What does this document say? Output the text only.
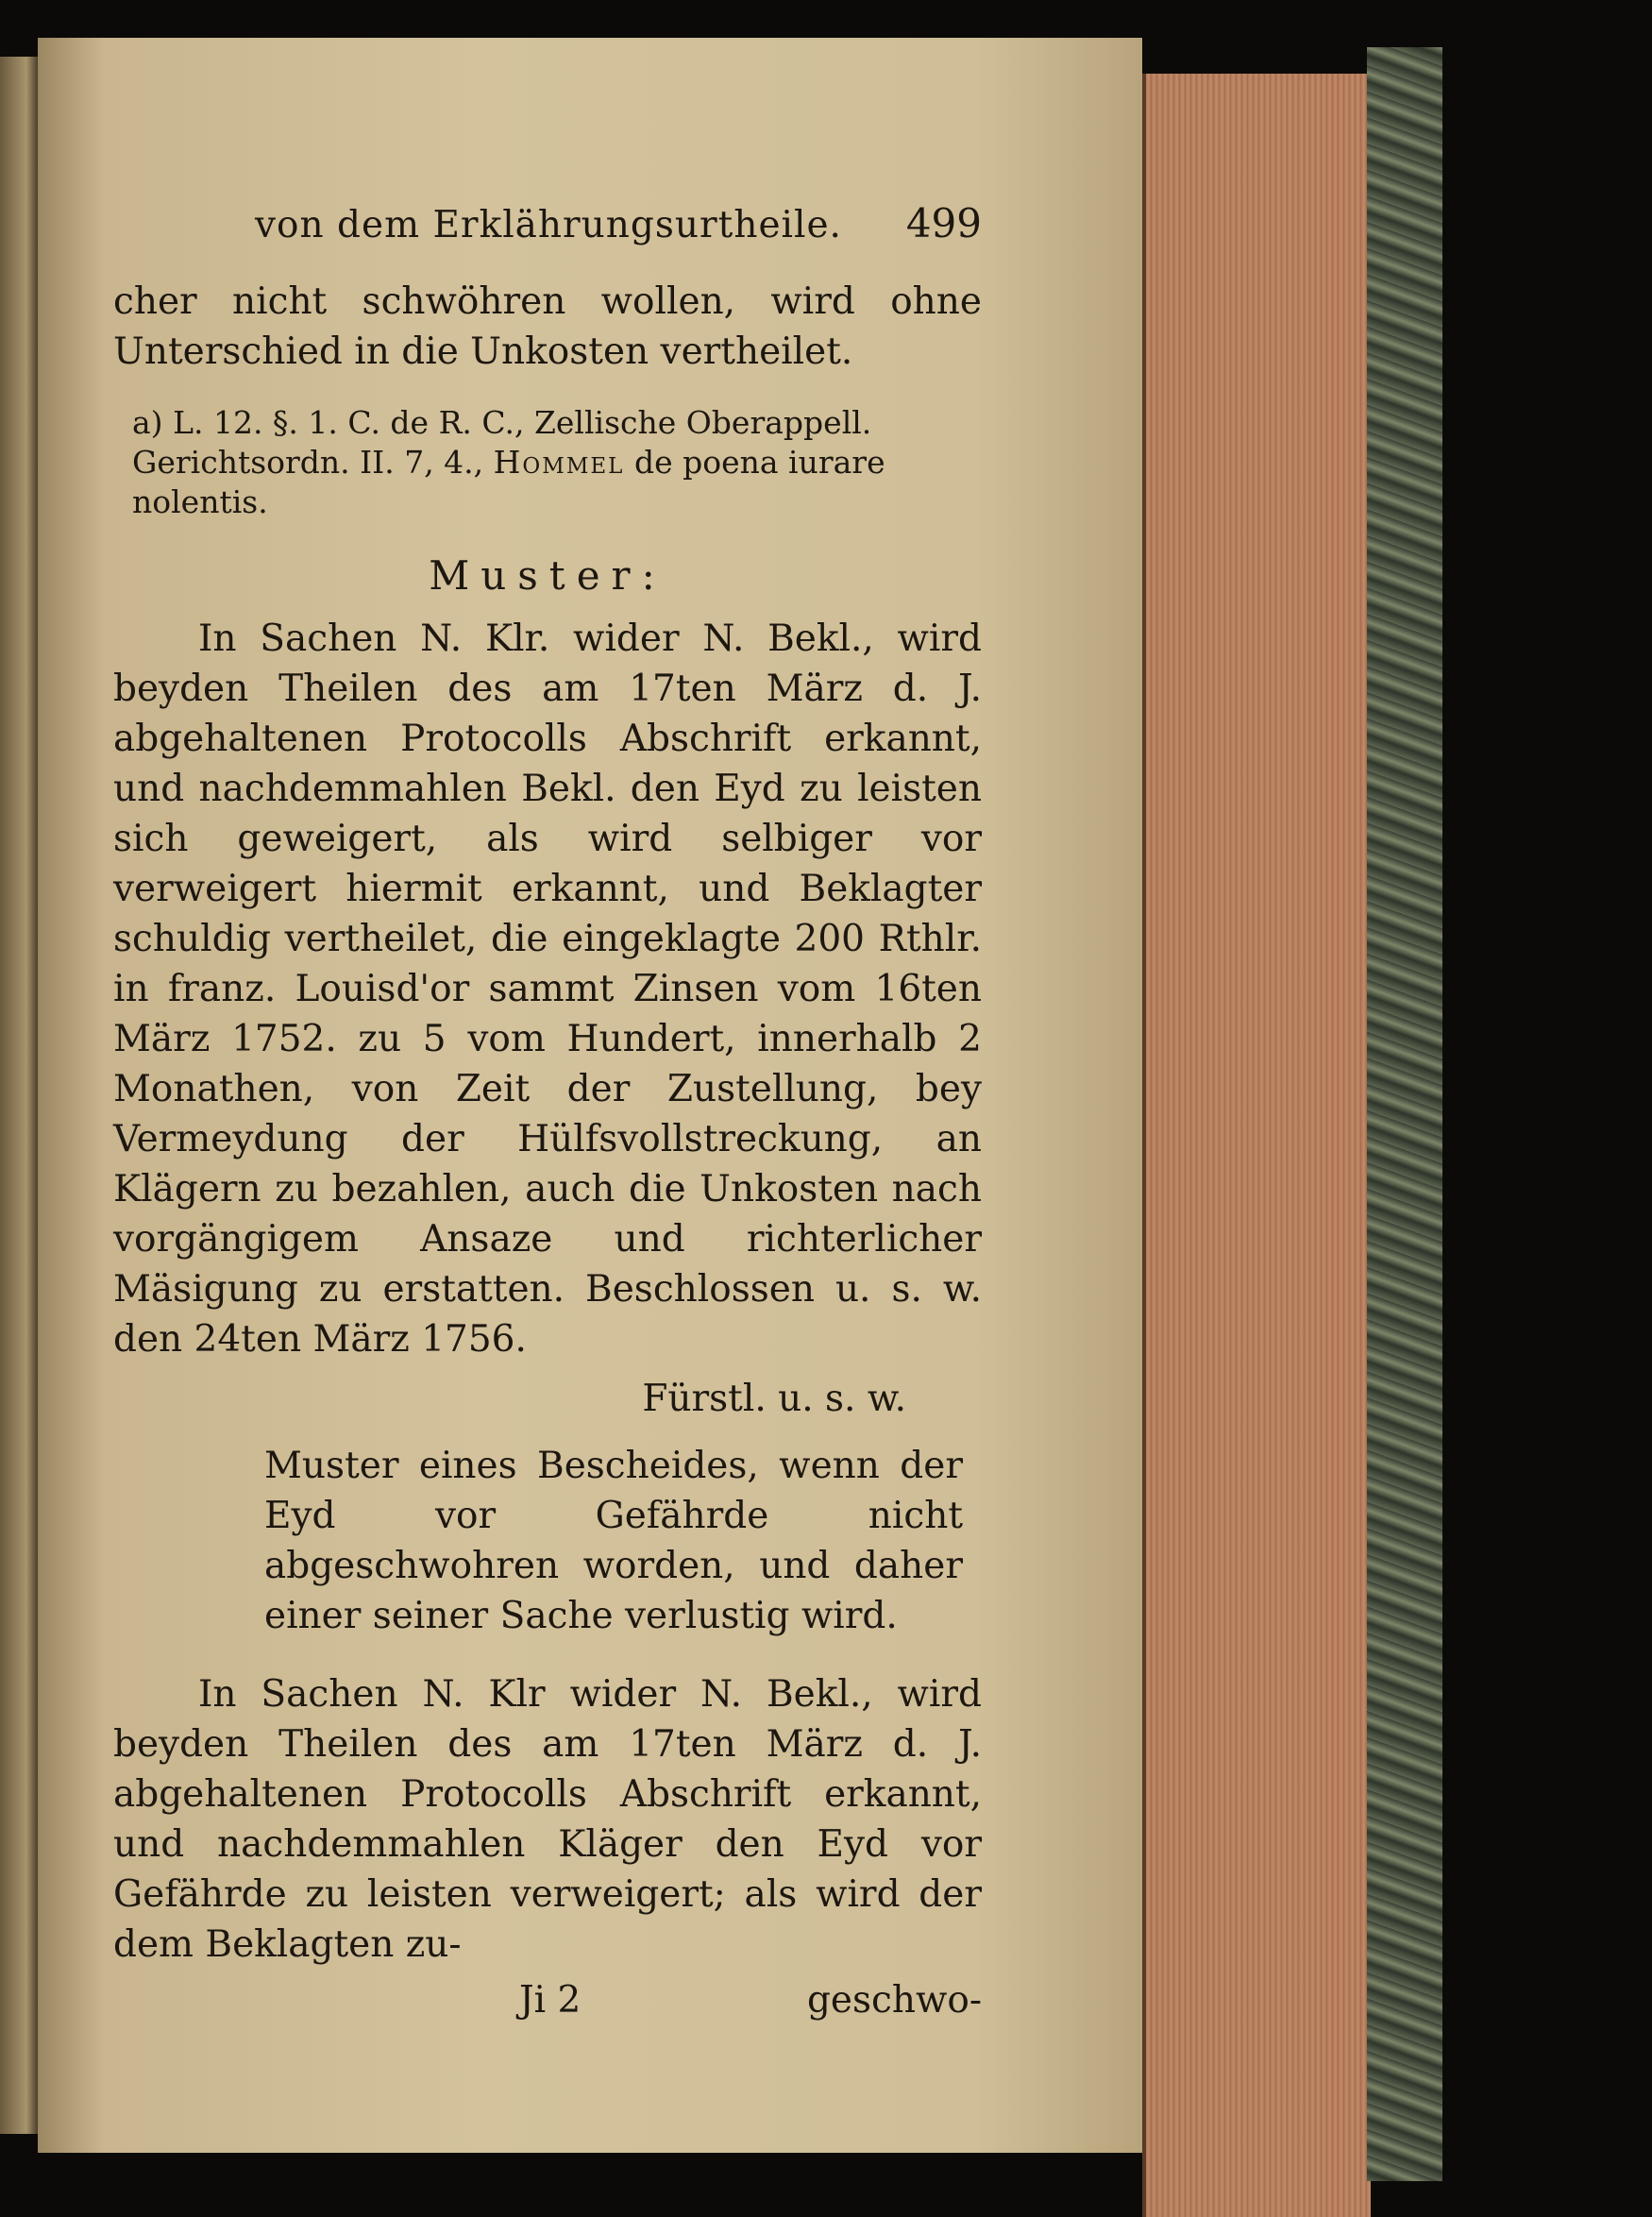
von dem Erklährungsurtheile. 499

cher nicht schwöhren wollen, wird ohne Unterschied in die Unkosten vertheilet.

a) L. 12. §. 1. C. de R. C., Zellische Oberappell. Gerichtsordn. II. 7, 4., Hommel de poena iurare nolentis.

Muster:

In Sachen N. Klr. wider N. Bekl., wird beyden Theilen des am 17ten März d. J. abgehaltenen Protocolls Abschrift erkannt, und nachdemmahlen Bekl. den Eyd zu leisten sich geweigert, als wird selbiger vor verweigert hiermit erkannt, und Beklagter schuldig vertheilet, die eingeklagte 200 Rthlr. in franz. Louisd'or sammt Zinsen vom 16ten März 1752. zu 5 vom Hundert, innerhalb 2 Monathen, von Zeit der Zustellung, bey Vermeydung der Hülfsvollstreckung, an Klägern zu bezahlen, auch die Unkosten nach vorgängigem Ansaze und richterlicher Mäsigung zu erstatten. Beschlossen u. s. w. den 24ten März 1756.

Fürstl. u. s. w.

Muster eines Bescheides, wenn der Eyd vor Gefährde nicht abgeschwohren worden, und daher einer seiner Sache verlustig wird.

In Sachen N. Klr wider N. Bekl., wird beyden Theilen des am 17ten März d. J. abgehaltenen Protocolls Abschrift erkannt, und nachdemmahlen Kläger den Eyd vor Gefährde zu leisten verweigert; als wird der dem Beklagten zu-

Ji 2	geschwo-
